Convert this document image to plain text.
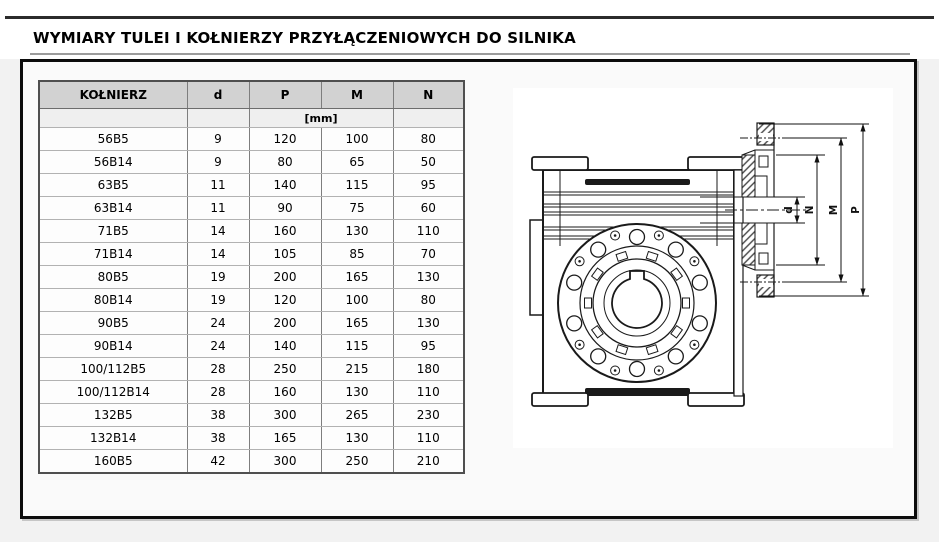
WYMIARY TULEI I KOŁNIERZY PRZYŁĄCZENIOWYCH DO SILNIKA
KOŁNIERZ	d	P	M	N
		[mm]		
56B5	9	120	100	80
56B14	9	80	65	50
63B5	11	140	115	95
63B14	11	90	75	60
71B5	14	160	130	110
71B14	14	105	85	70
80B5	19	200	165	130
80B14	19	120	100	80
90B5	24	200	165	130
90B14	24	140	115	95
100/112B5	28	250	215	180
100/112B14	28	160	130	110
132B5	38	300	265	230
132B14	38	165	130	110
160B5	42	300	250	210
d N M P
